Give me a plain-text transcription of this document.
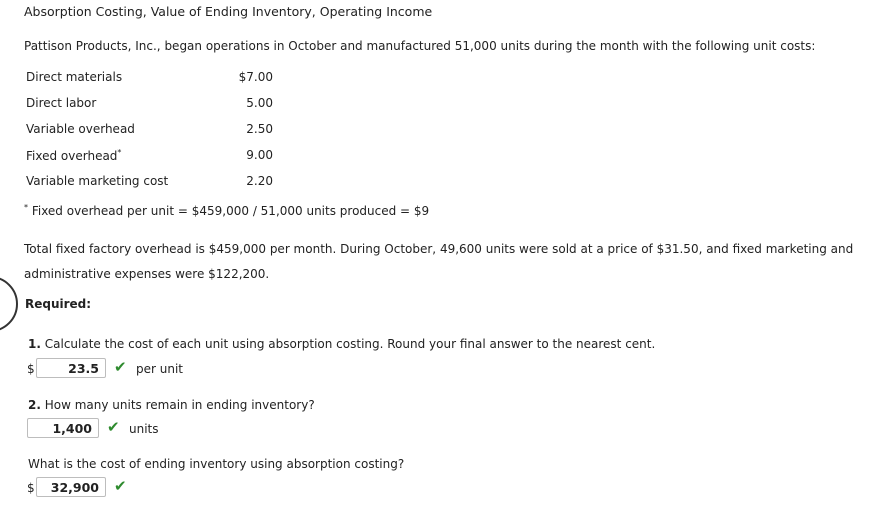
Absorption Costing, Value of Ending Inventory, Operating Income
Pattison Products, Inc., began operations in October and manufactured 51,000 units during the month with the following unit costs:
Direct materials	$7.00
Direct labor	5.00
Variable overhead	2.50
Fixed overhead*	9.00
Variable marketing cost	2.20
* Fixed overhead per unit = $459,000 / 51,000 units produced = $9
Total fixed factory overhead is $459,000 per month. During October, 49,600 units were sold at a price of $31.50, and fixed marketing and administrative expenses were $122,200.
Required:
1. Calculate the cost of each unit using absorption costing. Round your final answer to the nearest cent.
$	23.5	✔ per unit
2. How many units remain in ending inventory?
1,400	✔ units
What is the cost of ending inventory using absorption costing?
$	32,900	✔
